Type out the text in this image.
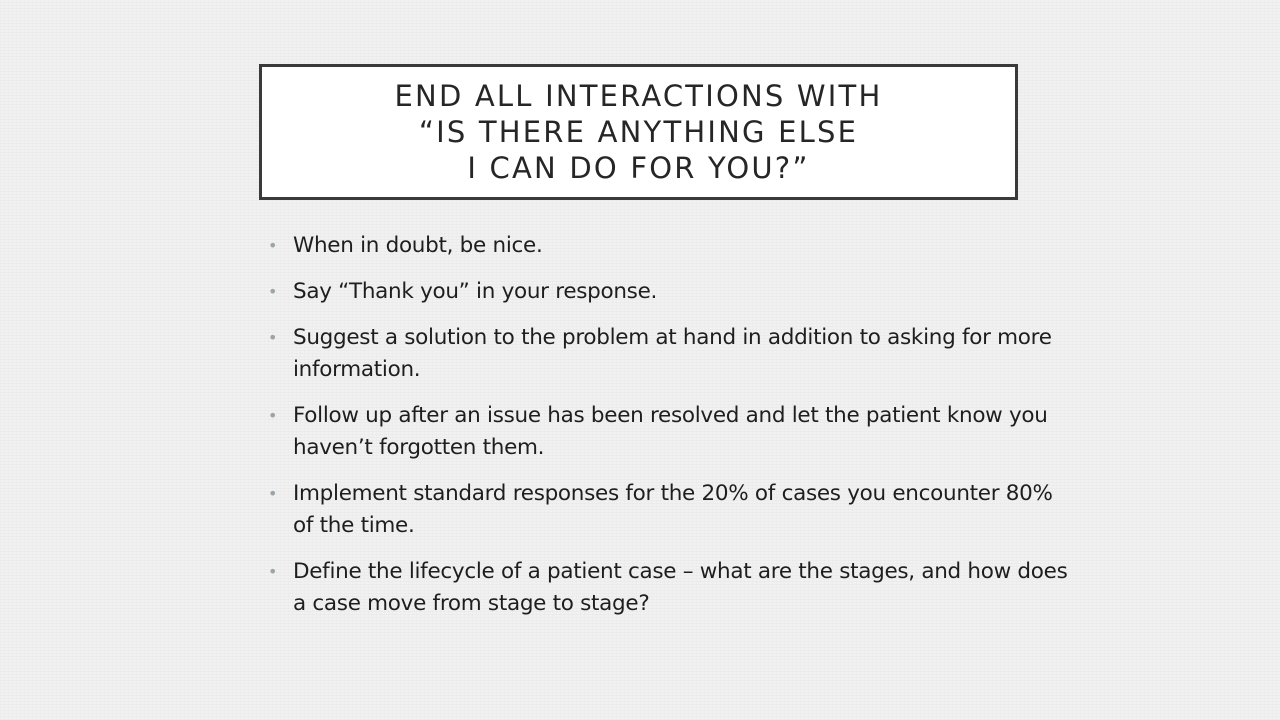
END ALL INTERACTIONS WITH
“IS THERE ANYTHING ELSE
I CAN DO FOR YOU?”
• When in doubt, be nice.
• Say “Thank you” in your response.
• Suggest a solution to the problem at hand in addition to asking for more information.
• Follow up after an issue has been resolved and let the patient know you haven’t forgotten them.
• Implement standard responses for the 20% of cases you encounter 80% of the time.
• Define the lifecycle of a patient case – what are the stages, and how does a case move from stage to stage?
